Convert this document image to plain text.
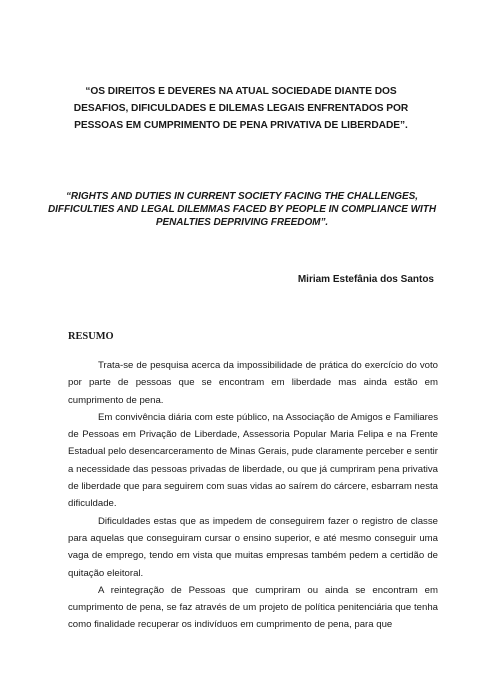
“OS DIREITOS E DEVERES NA ATUAL SOCIEDADE DIANTE DOS DESAFIOS, DIFICULDADES E DILEMAS LEGAIS ENFRENTADOS POR PESSOAS EM CUMPRIMENTO DE PENA PRIVATIVA DE LIBERDADE”.
“RIGHTS AND DUTIES IN CURRENT SOCIETY FACING THE CHALLENGES, DIFFICULTIES AND LEGAL DILEMMAS FACED BY PEOPLE IN COMPLIANCE WITH PENALTIES DEPRIVING FREEDOM”.
Miriam Estefânia dos Santos
RESUMO

Trata-se de pesquisa acerca da impossibilidade de prática do exercício do voto por parte de pessoas que se encontram em liberdade mas ainda estão em cumprimento de pena.

Em convivência diária com este público, na Associação de Amigos e Familiares de Pessoas em Privação de Liberdade, Assessoria Popular Maria Felipa e na Frente Estadual pelo desencarceramento de Minas Gerais, pude claramente perceber e sentir a necessidade das pessoas privadas de liberdade, ou que já cumpriram pena privativa de liberdade que para seguirem com suas vidas ao saírem do cárcere, esbarram nesta dificuldade.

Dificuldades estas que as impedem de conseguirem fazer o registro de classe para aquelas que conseguiram cursar o ensino superior, e até mesmo conseguir uma vaga de emprego, tendo em vista que muitas empresas também pedem a certidão de quitação eleitoral.

A reintegração de Pessoas que cumpriram ou ainda se encontram em cumprimento de pena, se faz através de um projeto de política penitenciária que tenha como finalidade recuperar os indivíduos em cumprimento de pena, para que
